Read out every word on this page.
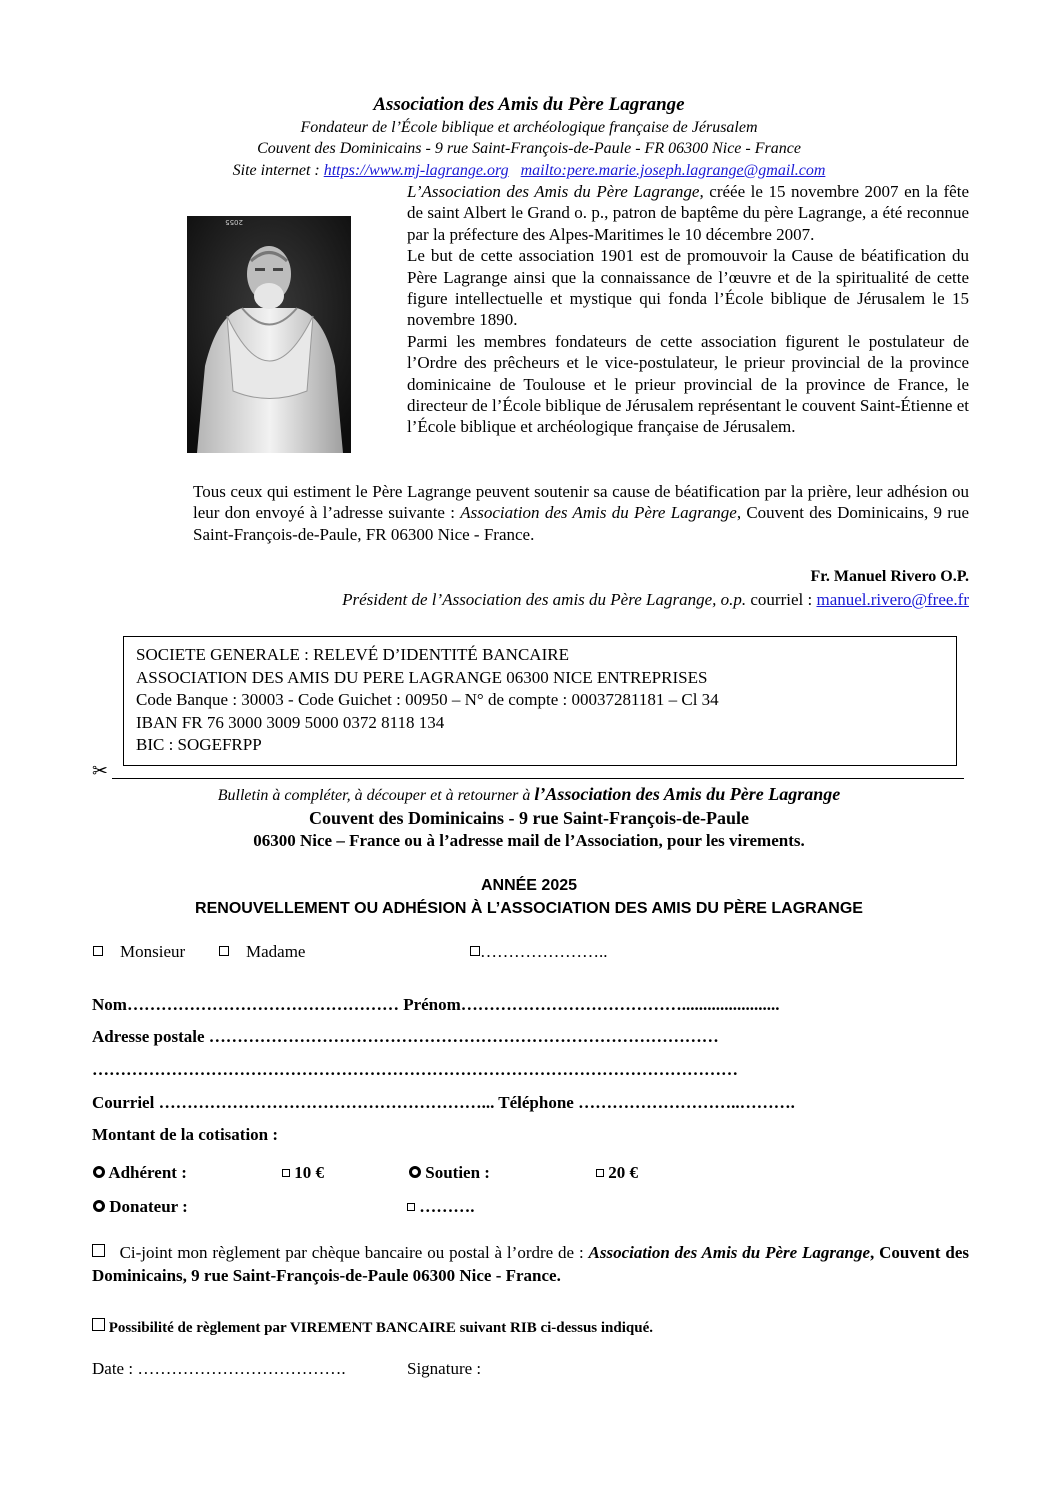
Association des Amis du Père Lagrange
Fondateur de l’École biblique et archéologique française de Jérusalem
Couvent des Dominicains - 9 rue Saint-François-de-Paule - FR 06300 Nice - France
Site internet : https://www.mj-lagrange.org mailto:pere.marie.joseph.lagrange@gmail.com
2055

L’Association des Amis du Père Lagrange, créée le 15 novembre 2007 en la fête de saint Albert le Grand o. p., patron de baptême du père Lagrange, a été reconnue par la préfecture des Alpes-Maritimes le 10 décembre 2007.

Le but de cette association 1901 est de promouvoir la Cause de béatification du Père Lagrange ainsi que la connaissance de l’œuvre et de la spiritualité de cette figure intellectuelle et mystique qui fonda l’École biblique de Jérusalem le 15 novembre 1890.

Parmi les membres fondateurs de cette association figurent le postulateur de l’Ordre des prêcheurs et le vice-postulateur, le prieur provincial de la province dominicaine de Toulouse et le prieur provincial de la province de France, le directeur de l’École biblique de Jérusalem représentant le couvent Saint-Étienne et l’École biblique et archéologique française de Jérusalem.

Tous ceux qui estiment le Père Lagrange peuvent soutenir sa cause de béatification par la prière, leur adhésion ou leur don envoyé à l’adresse suivante : Association des Amis du Père Lagrange, Couvent des Dominicains, 9 rue Saint-François-de-Paule, FR 06300 Nice - France.

Fr. Manuel Rivero O.P.
Président de l’Association des amis du Père Lagrange, o.p. courriel : manuel.rivero@free.fr
SOCIETE GENERALE : RELEVÉ D’IDENTITÉ BANCAIRE
ASSOCIATION DES AMIS DU PERE LAGRANGE 06300 NICE ENTREPRISES
Code Banque : 30003 - Code Guichet : 00950 – N° de compte : 00037281181 – Cl 34
IBAN FR 76 3000 3009 5000 0372 8118 134
BIC : SOGEFRPP
✂
Bulletin à compléter, à découper et à retourner à l’Association des Amis du Père Lagrange
Couvent des Dominicains - 9 rue Saint-François-de-Paule
06300 Nice – France ou à l’adresse mail de l’Association, pour les virements.
ANNÉE 2025
RENOUVELLEMENT OU ADHÉSION À L’ASSOCIATION DES AMIS DU PÈRE LAGRANGE
Monsieur	Madame	…………………..
Nom………………………………………… Prénom………………………………….......................
Adresse postale ………………………………………………………………………………
……………………………………………………………………………………………………
Courriel …………………………………………………... Téléphone ………………………..……….
Montant de la cotisation :
Adhérent :	10 €	Soutien :	20 €
Donateur :	……….

Ci-joint mon règlement par chèque bancaire ou postal à l’ordre de : Association des Amis du Père Lagrange, Couvent des Dominicains, 9 rue Saint-François-de-Paule 06300 Nice - France.

Possibilité de règlement par VIREMENT BANCAIRE suivant RIB ci-dessus indiqué.
Date : ……………………………….	Signature :
